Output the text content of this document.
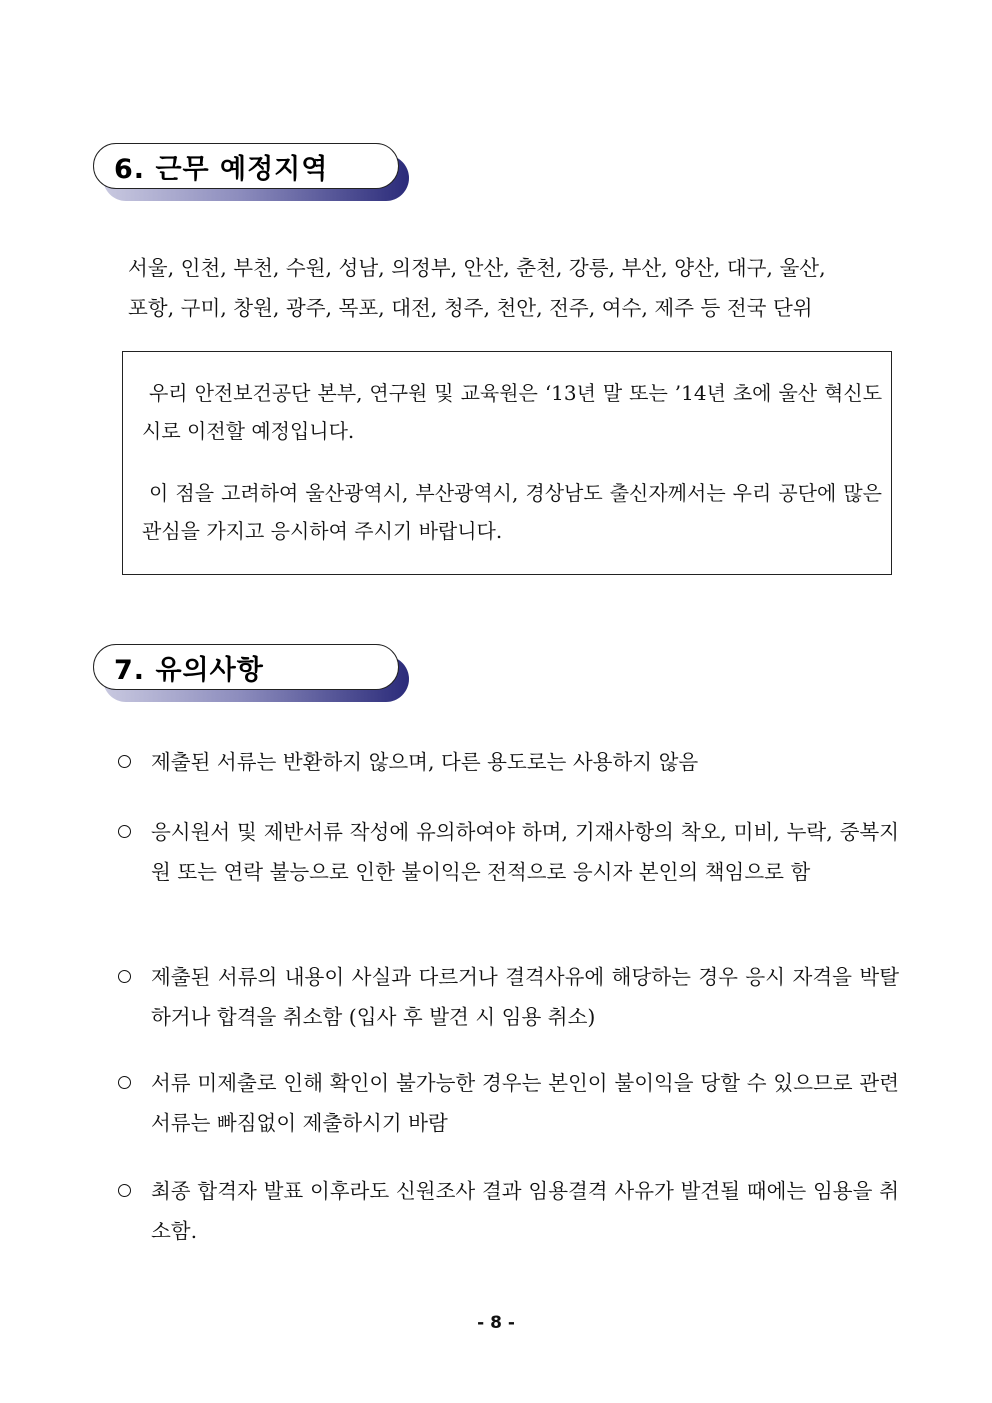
6. 근무 예정지역
서울, 인천, 부천, 수원, 성남, 의정부, 안산, 춘천, 강릉, 부산, 양산, 대구, 울산,
포항, 구미, 창원, 광주, 목포, 대전, 청주, 천안, 전주, 여수, 제주 등 전국 단위
우리 안전보건공단 본부, 연구원 및 교육원은 ‘13년 말 또는 ’14년 초에 울산 혁신도시로 이전할 예정입니다.
이 점을 고려하여 울산광역시, 부산광역시, 경상남도 출신자께서는 우리 공단에 많은 관심을 가지고 응시하여 주시기 바랍니다.
7. 유의사항
제출된 서류는 반환하지 않으며, 다른 용도로는 사용하지 않음
응시원서 및 제반서류 작성에 유의하여야 하며, 기재사항의 착오, 미비, 누락, 중복지원 또는 연락 불능으로 인한 불이익은 전적으로 응시자 본인의 책임으로 함
제출된 서류의 내용이 사실과 다르거나 결격사유에 해당하는 경우 응시 자격을 박탈하거나 합격을 취소함 (입사 후 발견 시 임용 취소)
서류 미제출로 인해 확인이 불가능한 경우는 본인이 불이익을 당할 수 있으므로 관련서류는 빠짐없이 제출하시기 바람
최종 합격자 발표 이후라도 신원조사 결과 임용결격 사유가 발견될 때에는 임용을 취소함.
- 8 -
